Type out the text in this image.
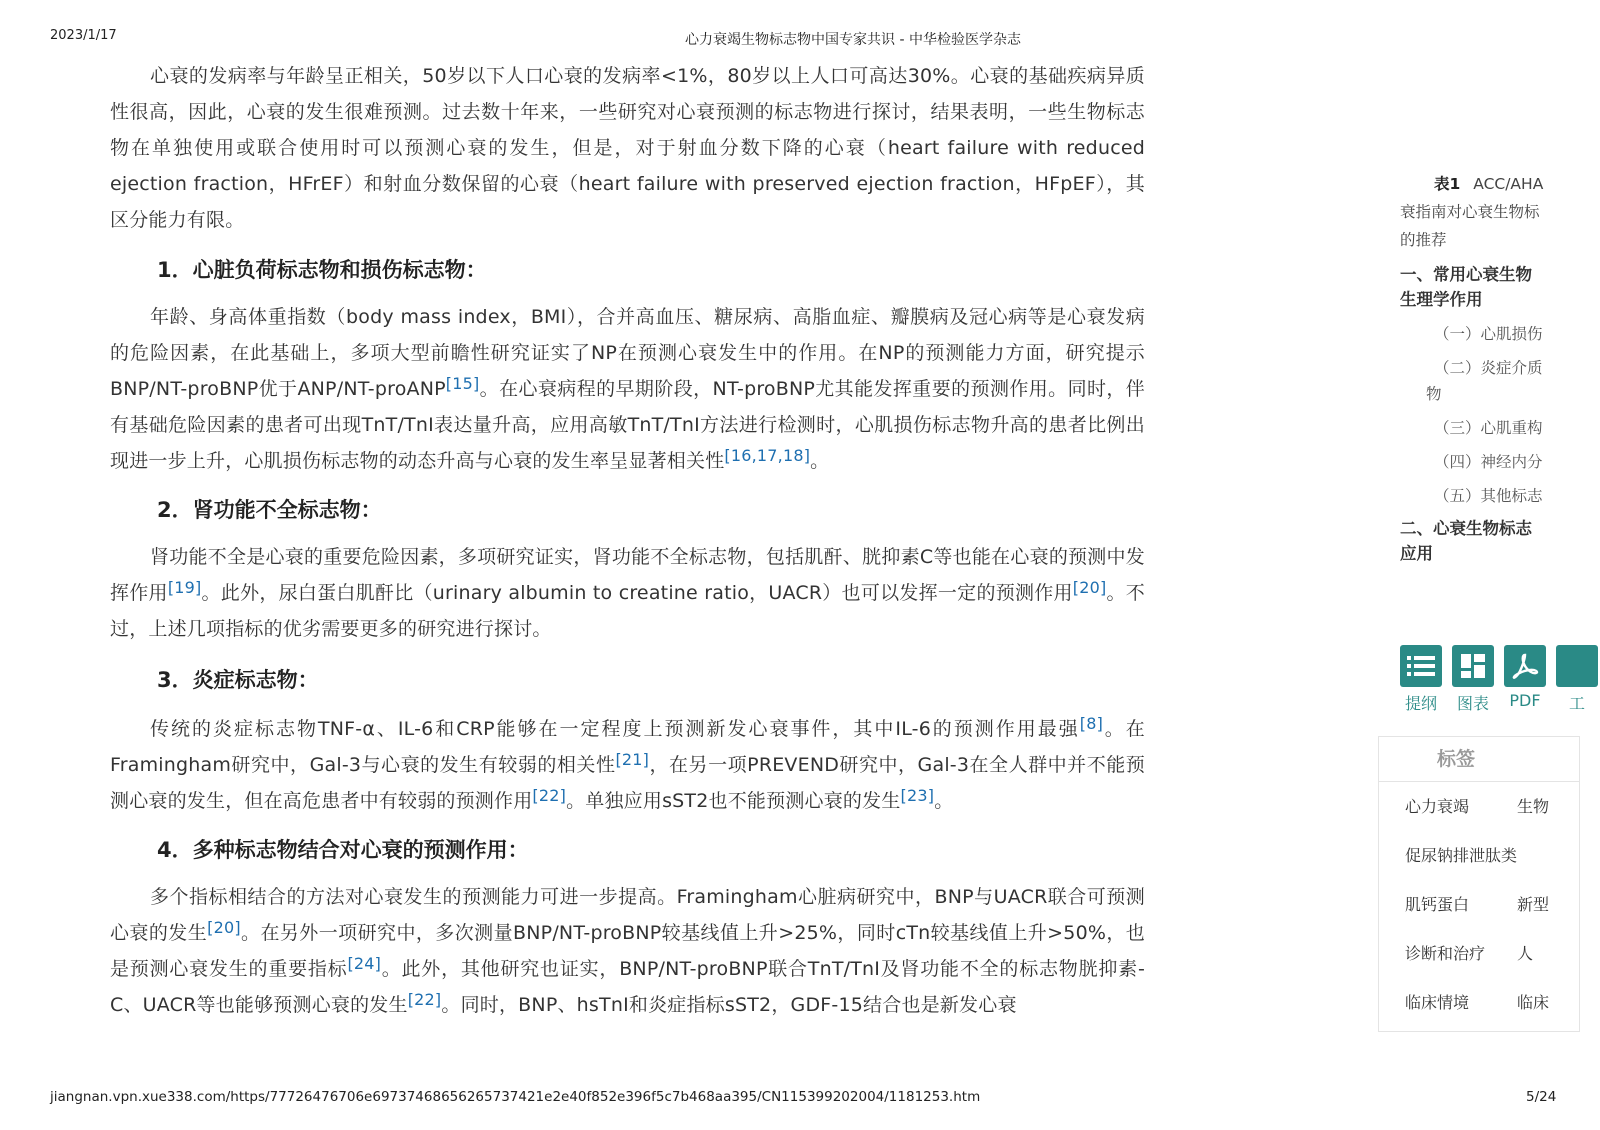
2023/1/17	心力衰竭生物标志物中国专家共识 - 中华检验医学杂志

心衰的发病率与年龄呈正相关，50岁以下人口心衰的发病率<1%，80岁以上人口可高达30%。心衰的基础疾病异质性很高，因此，心衰的发生很难预测。过去数十年来，一些研究对心衰预测的标志物进行探讨，结果表明，一些生物标志物在单独使用或联合使用时可以预测心衰的发生，但是，对于射血分数下降的心衰（heart failure with reduced ejection fraction，HFrEF）和射血分数保留的心衰（heart failure with preserved ejection fraction，HFpEF），其区分能力有限。

1．心脏负荷标志物和损伤标志物：

年龄、身高体重指数（body mass index，BMI），合并高血压、糖尿病、高脂血症、瓣膜病及冠心病等是心衰发病的危险因素，在此基础上，多项大型前瞻性研究证实了NP在预测心衰发生中的作用。在NP的预测能力方面，研究提示BNP/NT-proBNP优于ANP/NT-proANP[15]。在心衰病程的早期阶段，NT-proBNP尤其能发挥重要的预测作用。同时，伴有基础危险因素的患者可出现TnT/TnI表达量升高，应用高敏TnT/TnI方法进行检测时，心肌损伤标志物升高的患者比例出现进一步上升，心肌损伤标志物的动态升高与心衰的发生率呈显著相关性[16,17,18]。

2．肾功能不全标志物：

肾功能不全是心衰的重要危险因素，多项研究证实，肾功能不全标志物，包括肌酐、胱抑素C等也能在心衰的预测中发挥作用[19]。此外，尿白蛋白肌酐比（urinary albumin to creatine ratio，UACR）也可以发挥一定的预测作用[20]。不过，上述几项指标的优劣需要更多的研究进行探讨。

3．炎症标志物：

传统的炎症标志物TNF-α、IL-6和CRP能够在一定程度上预测新发心衰事件，其中IL-6的预测作用最强[8]。在Framingham研究中，Gal-3与心衰的发生有较弱的相关性[21]，在另一项PREVEND研究中，Gal-3在全人群中并不能预测心衰的发生，但在高危患者中有较弱的预测作用[22]。单独应用sST2也不能预测心衰的发生[23]。

4．多种标志物结合对心衰的预测作用：

多个指标相结合的方法对心衰发生的预测能力可进一步提高。Framingham心脏病研究中，BNP与UACR联合可预测心衰的发生[20]。在另外一项研究中，多次测量BNP/NT-proBNP较基线值上升>25%，同时cTn较基线值上升>50%，也是预测心衰发生的重要指标[24]。此外，其他研究也证实，BNP/NT-proBNP联合TnT/TnI及肾功能不全的标志物胱抑素-C、UACR等也能够预测心衰的发生[22]。同时，BNP、hsTnI和炎症指标sST2，GDF-15结合也是新发心衰

表1 ACC/AHA
衰指南对心衰生物标
的推荐
一、常用心衰生物
生理学作用
（一）心肌损伤
（二）炎症介质
物
（三）心肌重构
（四）神经内分
（五）其他标志
二、心衰生物标志
应用
提纲	图表	PDF	工
标签
心力衰竭	生物
促尿钠排泄肽类
肌钙蛋白	新型
诊断和治疗 人
临床情境	临床
jiangnan.vpn.xue338.com/https/77726476706e69737468656265737421e2e40f852e396f5c7b468aa395/CN115399202004/1181253.htm	5/24
